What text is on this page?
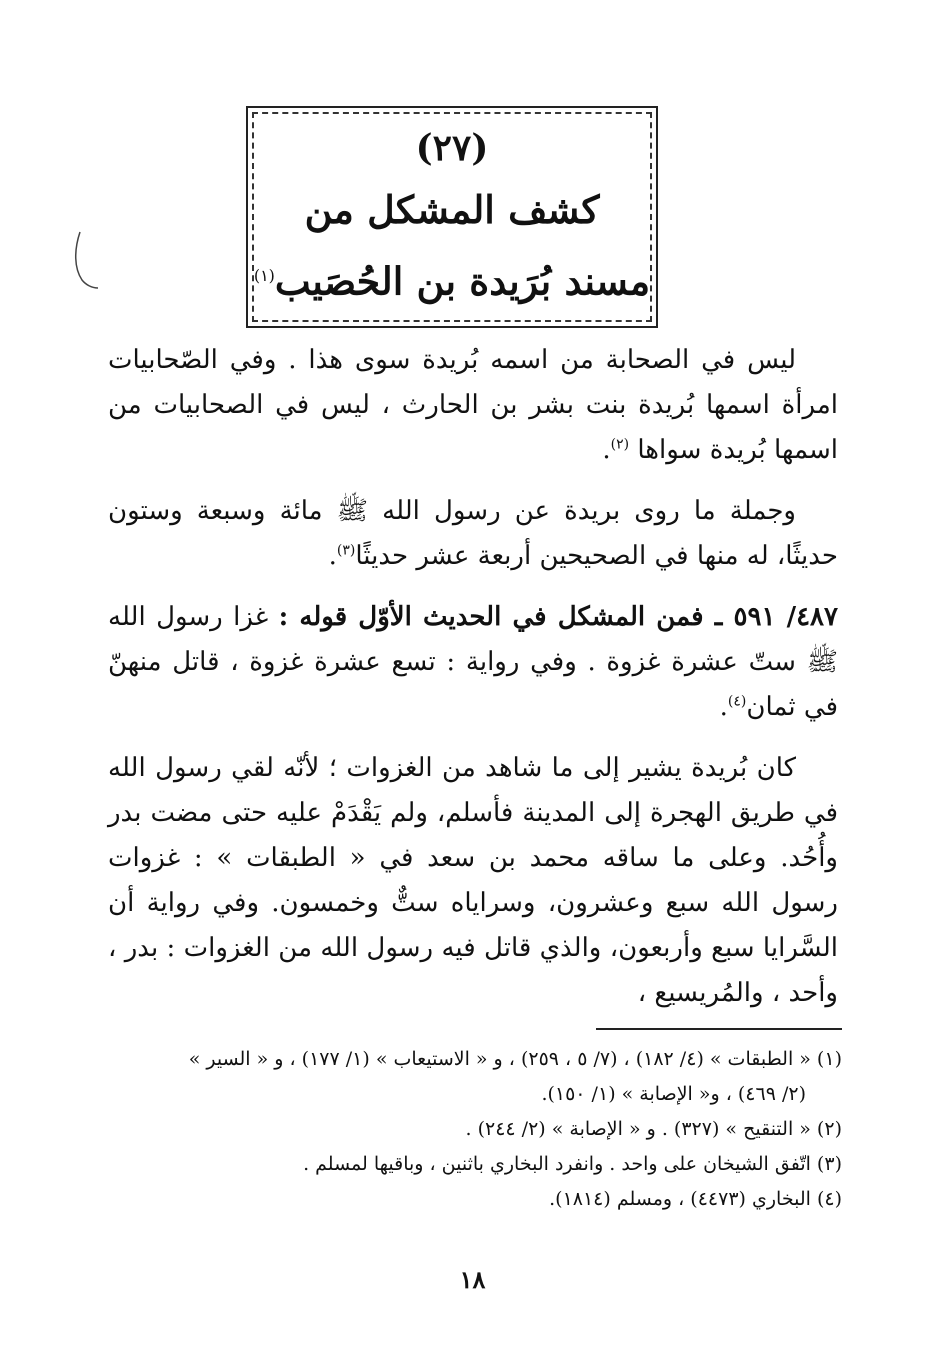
(٢٧)
كشف المشكل من
مسند بُرَيدة بن الحُصَيب$^{(١)}$

ليس في الصحابة من اسمه بُريدة سوى هذا . وفي الصّحابيات امرأة اسمها بُريدة بنت بشر بن الحارث ، ليس في الصحابيات من اسمها بُريدة سواها $^{(٢)}$.

وجملة ما روى بريدة عن رسول الله ﷺ مائة وسبعة وستون حديثًا، له منها في الصحيحين أربعة عشر حديثًا$^{(٣)}$.

٤٨٧/ ٥٩١ ـ فمن المشكل في الحديث الأوّل قوله : غزا رسول الله ﷺ ستّ عشرة غزوة . وفي رواية : تسع عشرة غزوة ، قاتل منهنّ في ثمان$^{(٤)}$.

كان بُريدة يشير إلى ما شاهد من الغزوات ؛ لأنّه لقي رسول الله في طريق الهجرة إلى المدينة فأسلم، ولم يَقْدَمْ عليه حتى مضت بدر وأُحُد. وعلى ما ساقه محمد بن سعد في « الطبقات » : غزوات رسول الله سبع وعشرون، وسراياه ستٌّ وخمسون. وفي رواية أن السَّرايا سبع وأربعون، والذي قاتل فيه رسول الله من الغزوات : بدر ، وأحد ، والمُريسيع ،

(١) « الطبقات » (٤/ ١٨٢) ، (٧/ ٥ ، ٢٥٩) ، و « الاستيعاب » (١/ ١٧٧) ، و « السير »

(٢/ ٤٦٩) ، و« الإصابة » (١/ ١٥٠).

(٢) « التنقيح » (٣٢٧) . و « الإصابة » (٢/ ٢٤٤) .

(٣) اتّفق الشيخان على واحد . وانفرد البخاري باثنين ، وباقيها لمسلم .

(٤) البخاري (٤٤٧٣) ، ومسلم (١٨١٤).

١٨
